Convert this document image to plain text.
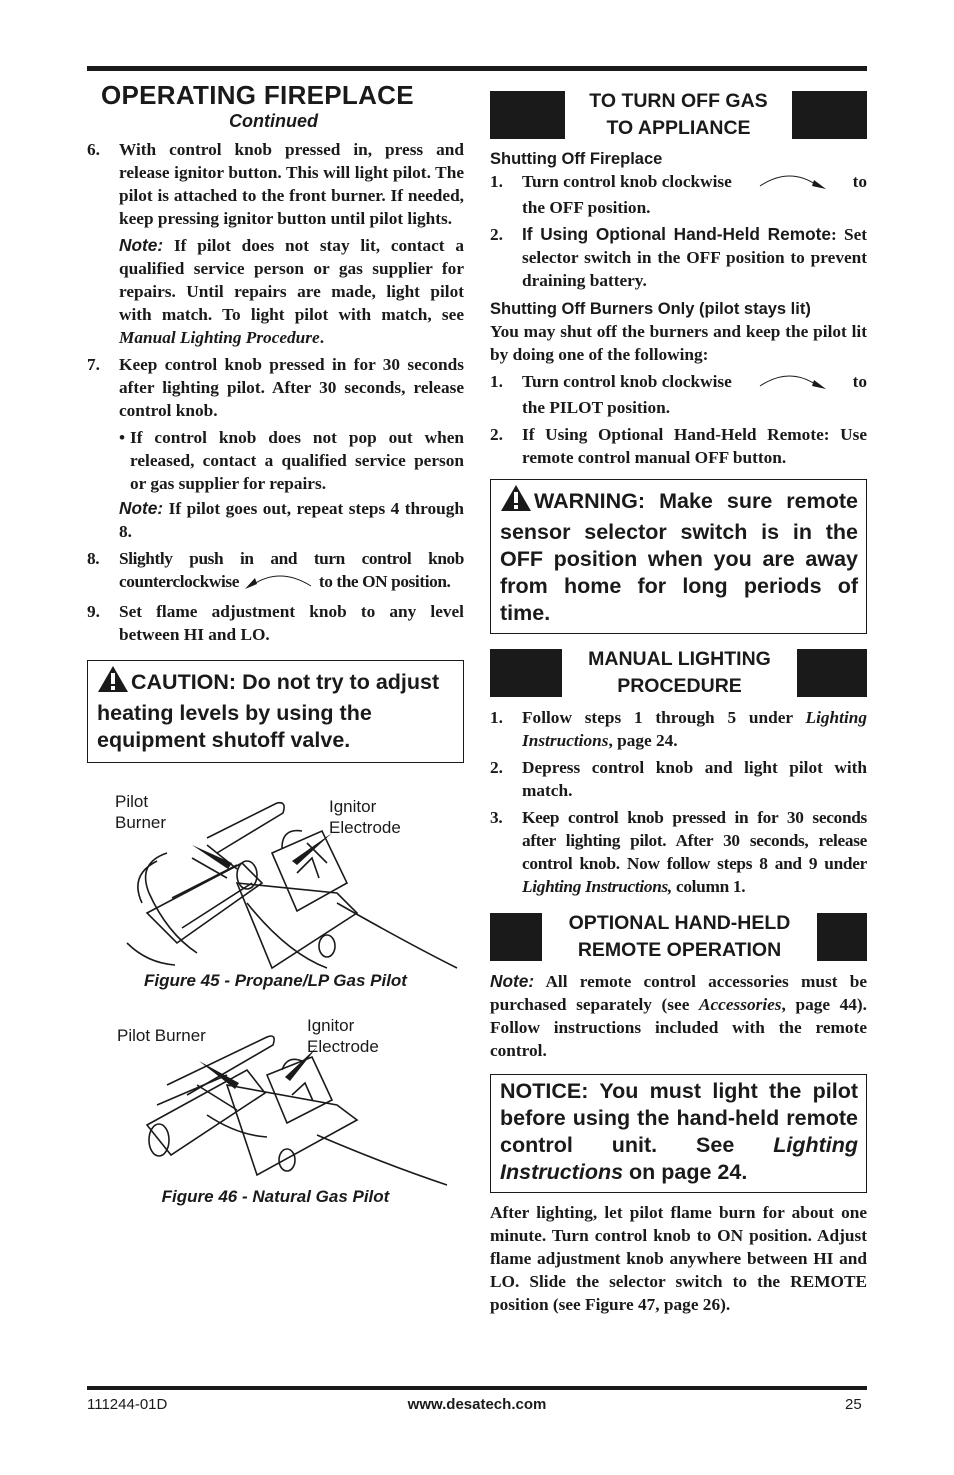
OPERATING FIREPLACE
Continued
6.	With control knob pressed in, press and release ignitor button. This will light pilot. The pilot is attached to the front burner. If needed, keep pressing ignitor button until pilot lights.
Note: If pilot does not stay lit, contact a qualified service person or gas supplier for repairs. Until repairs are made, light pilot with match. To light pilot with match, see Manual Lighting Procedure.
7.	Keep control knob pressed in for 30 seconds after lighting pilot. After 30 seconds, release control knob.
• If control knob does not pop out when released, contact a qualified service person or gas supplier for repairs.
Note: If pilot goes out, repeat steps 4 through 8.
8.	Slightly push in and turn control knob counterclockwise	to the ON position.
9.	Set flame adjustment knob to any level between HI and LO.
CAUTION: Do not try to adjust heating levels by using the equipment shutoff valve.
Pilot
Burner
Ignitor
Electrode
Figure 45 - Propane/LP Gas Pilot
Pilot Burner
Ignitor
Electrode
Figure 46 - Natural Gas Pilot
TO TURN OFF GAS
TO APPLIANCE
Shutting Off Fireplace
1.	Turn control knob clockwise	to
the OFF position.
2.	If Using Optional Hand-Held Remote: Set selector switch in the OFF position to prevent draining battery.
Shutting Off Burners Only (pilot stays lit)
You may shut off the burners and keep the pilot lit by doing one of the following:
1.	Turn control knob clockwise	to
the PILOT position.
2.	If Using Optional Hand-Held Remote: Use remote control manual OFF button.
WARNING: Make sure remote sensor selector switch is in the OFF position when you are away from home for long periods of time.
MANUAL LIGHTING
PROCEDURE
1.	Follow steps 1 through 5 under Lighting Instructions, page 24.
2.	Depress control knob and light pilot with match.
3.	Keep control knob pressed in for 30 seconds after lighting pilot. After 30 seconds, release control knob. Now follow steps 8 and 9 under Lighting Instructions, column 1.
OPTIONAL HAND-HELD
REMOTE OPERATION
Note: All remote control accessories must be purchased separately (see Accessories, page 44). Follow instructions included with the remote control.
NOTICE: You must light the pilot before using the hand-held remote control unit. See Lighting Instructions on page 24.
After lighting, let pilot flame burn for about one minute. Turn control knob to ON position. Adjust flame adjustment knob anywhere between HI and LO. Slide the selector switch to the REMOTE position (see Figure 47, page 26).
111244-01D	www.desatech.com	25
